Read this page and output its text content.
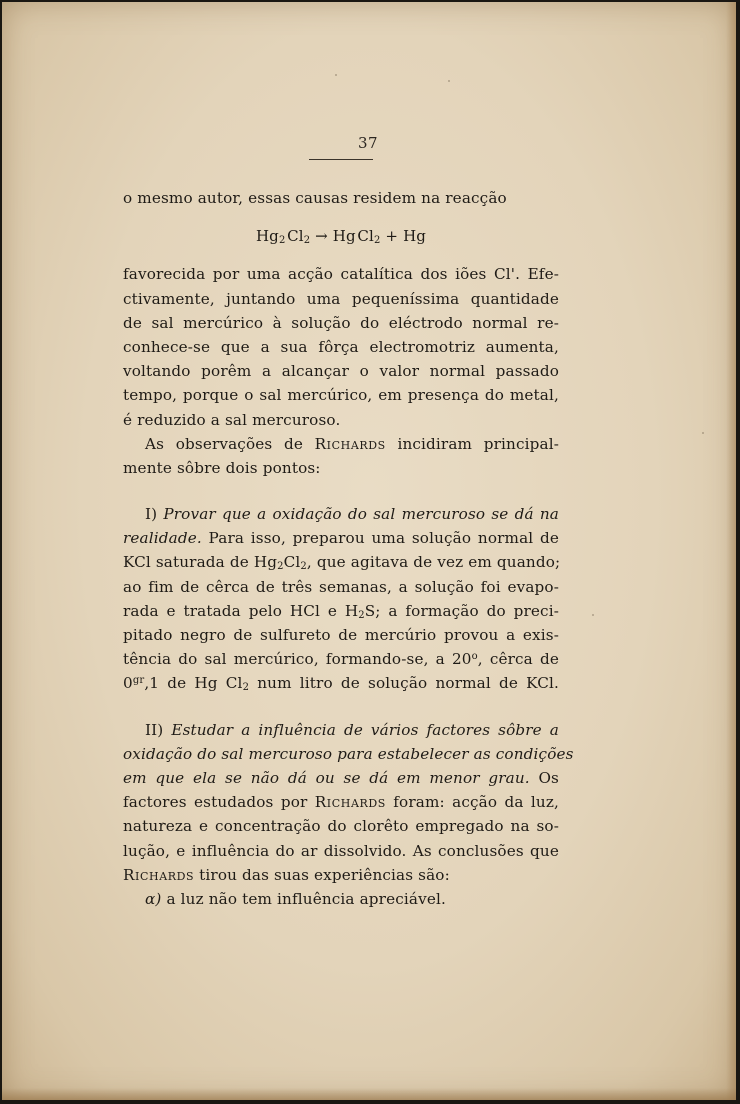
37
o mesmo autor, essas causas residem na reacção
$Hg_2$  $Cl_2 \to Hg$  $Cl_2 + Hg$
favorecida por uma acção catalítica dos iões Cl'. Efe-
ctivamente, juntando uma pequeníssima quantidade
de sal mercúrico à solução do eléctrodo normal re-
conhece-se que a sua fôrça electromotriz aumenta,
voltando porêm a alcançar o valor normal passado
tempo, porque o sal mercúrico, em presença do metal,
é reduzido a sal mercuroso.
As observações de Richards incidiram principal-
mente sôbre dois pontos:
I) Provar que a oxidação do sal mercuroso se dá na
realidade. Para isso, preparou uma solução normal de
KCl saturada de $Hg_2Cl_2$, que agitava de vez em quando;
ao fim de cêrca de três semanas, a solução foi evapo-
rada e tratada pelo HCl e $H_2S$; a formação do preci-
pitado negro de sulfureto de mercúrio provou a exis-
tência do sal mercúrico, formando-se, a 20$^o$, cêrca de
$0^{gr},1$ de Hg $Cl_2$ num litro de solução normal de KCl.
II) Estudar a influência de vários factores sôbre a
oxidação do sal mercuroso para estabelecer as condições
em que ela se não dá ou se dá em menor grau. Os
factores estudados por Richards foram: acção da luz,
natureza e concentração do clorêto empregado na so-
lução, e influência do ar dissolvido. As conclusões que
Richards tirou das suas experiências são:
α) a luz não tem influência apreciável.
